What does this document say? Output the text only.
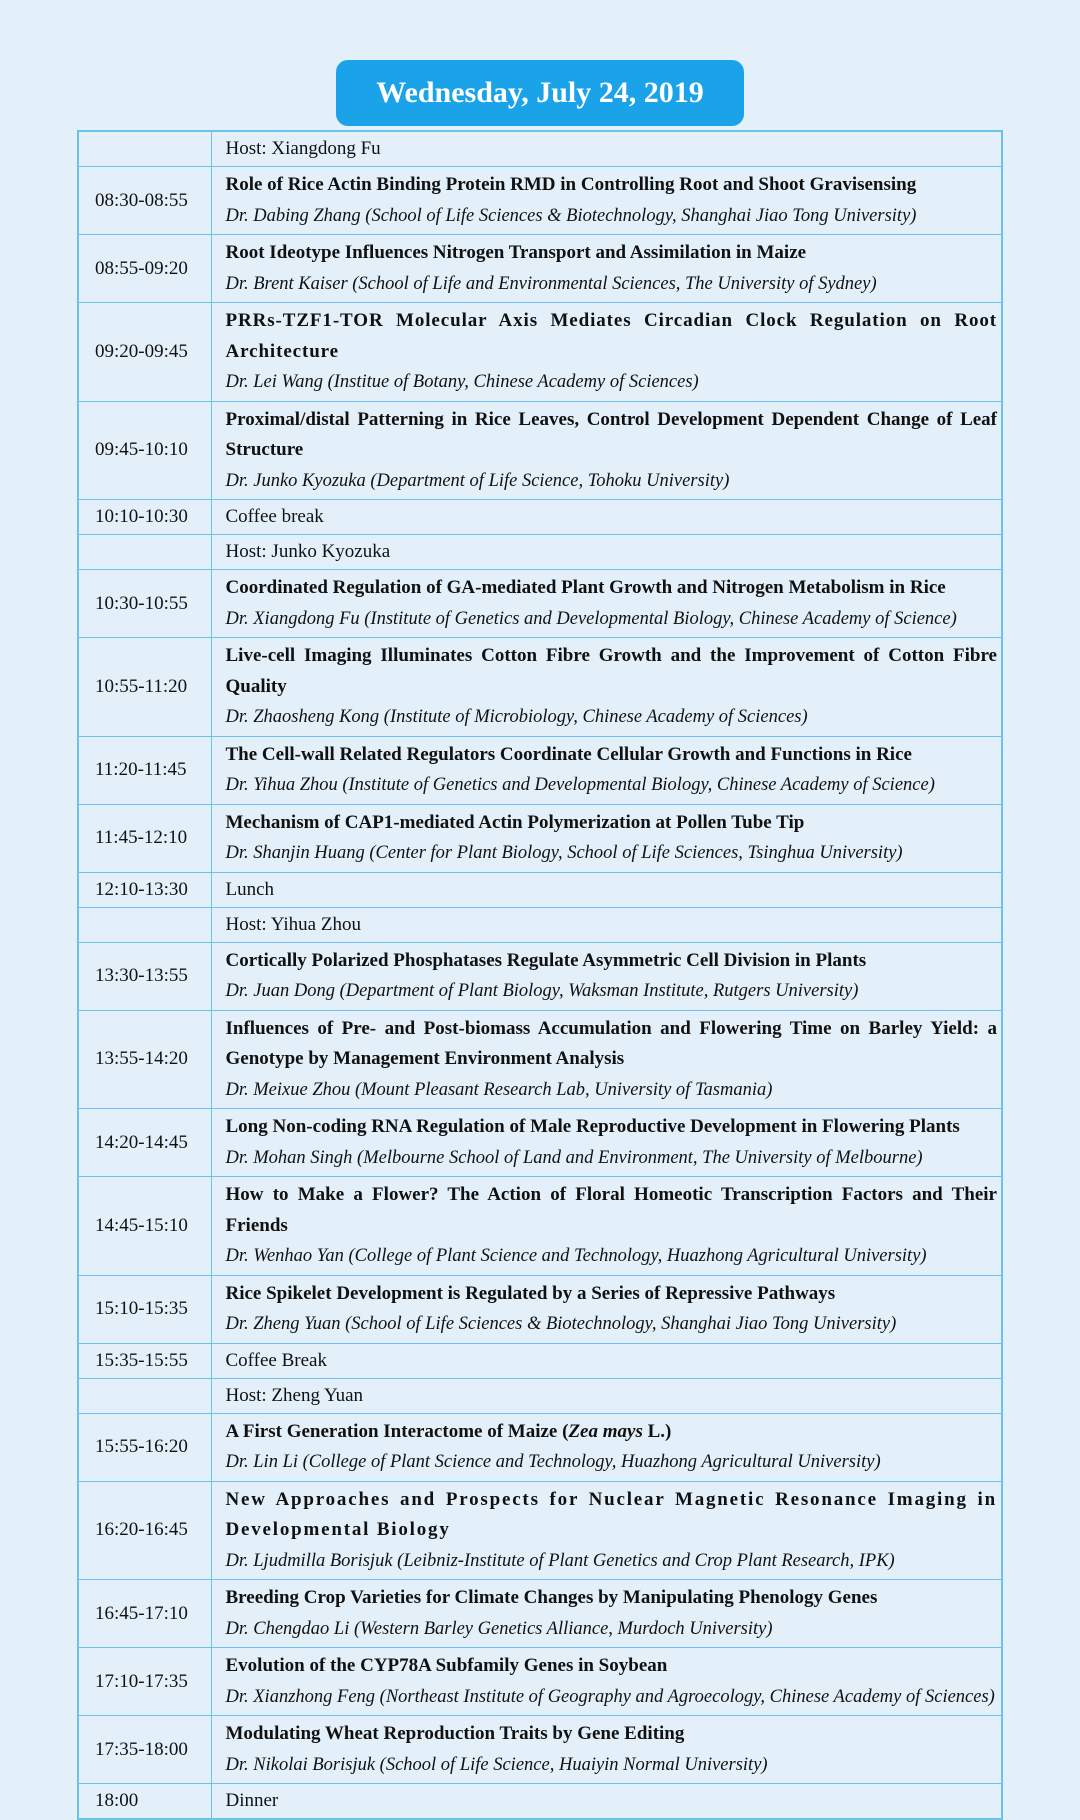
Wednesday, July 24, 2019

	Host: Xiangdong Fu

08:30-08:55	Role of Rice Actin Binding Protein RMD in Controlling Root and Shoot Gravisensing
Dr. Dabing Zhang (School of Life Sciences & Biotechnology, Shanghai Jiao Tong University)

08:55-09:20	Root Ideotype Influences Nitrogen Transport and Assimilation in Maize
Dr. Brent Kaiser (School of Life and Environmental Sciences, The University of Sydney)

09:20-09:45	PRRs-TZF1-TOR Molecular Axis Mediates Circadian Clock Regulation on Root Architecture
Dr. Lei Wang (Institue of Botany, Chinese Academy of Sciences)

09:45-10:10	Proximal/distal Patterning in Rice Leaves, Control Development Dependent Change of Leaf Structure
Dr. Junko Kyozuka (Department of Life Science, Tohoku University)

10:10-10:30	Coffee break

	Host: Junko Kyozuka

10:30-10:55	Coordinated Regulation of GA-mediated Plant Growth and Nitrogen Metabolism in Rice
Dr. Xiangdong Fu (Institute of Genetics and Developmental Biology, Chinese Academy of Science)

10:55-11:20	Live-cell Imaging Illuminates Cotton Fibre Growth and the Improvement of Cotton Fibre Quality
Dr. Zhaosheng Kong (Institute of Microbiology, Chinese Academy of Sciences)

11:20-11:45	The Cell-wall Related Regulators Coordinate Cellular Growth and Functions in Rice
Dr. Yihua Zhou (Institute of Genetics and Developmental Biology, Chinese Academy of Science)

11:45-12:10	Mechanism of CAP1-mediated Actin Polymerization at Pollen Tube Tip
Dr. Shanjin Huang (Center for Plant Biology, School of Life Sciences, Tsinghua University)

12:10-13:30	Lunch

	Host: Yihua Zhou

13:30-13:55	Cortically Polarized Phosphatases Regulate Asymmetric Cell Division in Plants
Dr. Juan Dong (Department of Plant Biology, Waksman Institute, Rutgers University)

13:55-14:20	Influences of Pre- and Post-biomass Accumulation and Flowering Time on Barley Yield: a Genotype by Management Environment Analysis
Dr. Meixue Zhou (Mount Pleasant Research Lab, University of Tasmania)

14:20-14:45	Long Non-coding RNA Regulation of Male Reproductive Development in Flowering Plants
Dr. Mohan Singh (Melbourne School of Land and Environment, The University of Melbourne)

14:45-15:10	How to Make a Flower? The Action of Floral Homeotic Transcription Factors and Their Friends
Dr. Wenhao Yan (College of Plant Science and Technology, Huazhong Agricultural University)

15:10-15:35	Rice Spikelet Development is Regulated by a Series of Repressive Pathways
Dr. Zheng Yuan (School of Life Sciences & Biotechnology, Shanghai Jiao Tong University)

15:35-15:55	Coffee Break

	Host: Zheng Yuan

15:55-16:20	A First Generation Interactome of Maize (Zea mays L.)
Dr. Lin Li (College of Plant Science and Technology, Huazhong Agricultural University)

16:20-16:45	New Approaches and Prospects for Nuclear Magnetic Resonance Imaging in Developmental Biology
Dr. Ljudmilla Borisjuk (Leibniz-Institute of Plant Genetics and Crop Plant Research, IPK)

16:45-17:10	Breeding Crop Varieties for Climate Changes by Manipulating Phenology Genes
Dr. Chengdao Li (Western Barley Genetics Alliance, Murdoch University)

17:10-17:35	Evolution of the CYP78A Subfamily Genes in Soybean
Dr. Xianzhong Feng (Northeast Institute of Geography and Agroecology, Chinese Academy of Sciences)

17:35-18:00	Modulating Wheat Reproduction Traits by Gene Editing
Dr. Nikolai Borisjuk (School of Life Science, Huaiyin Normal University)

18:00	Dinner
